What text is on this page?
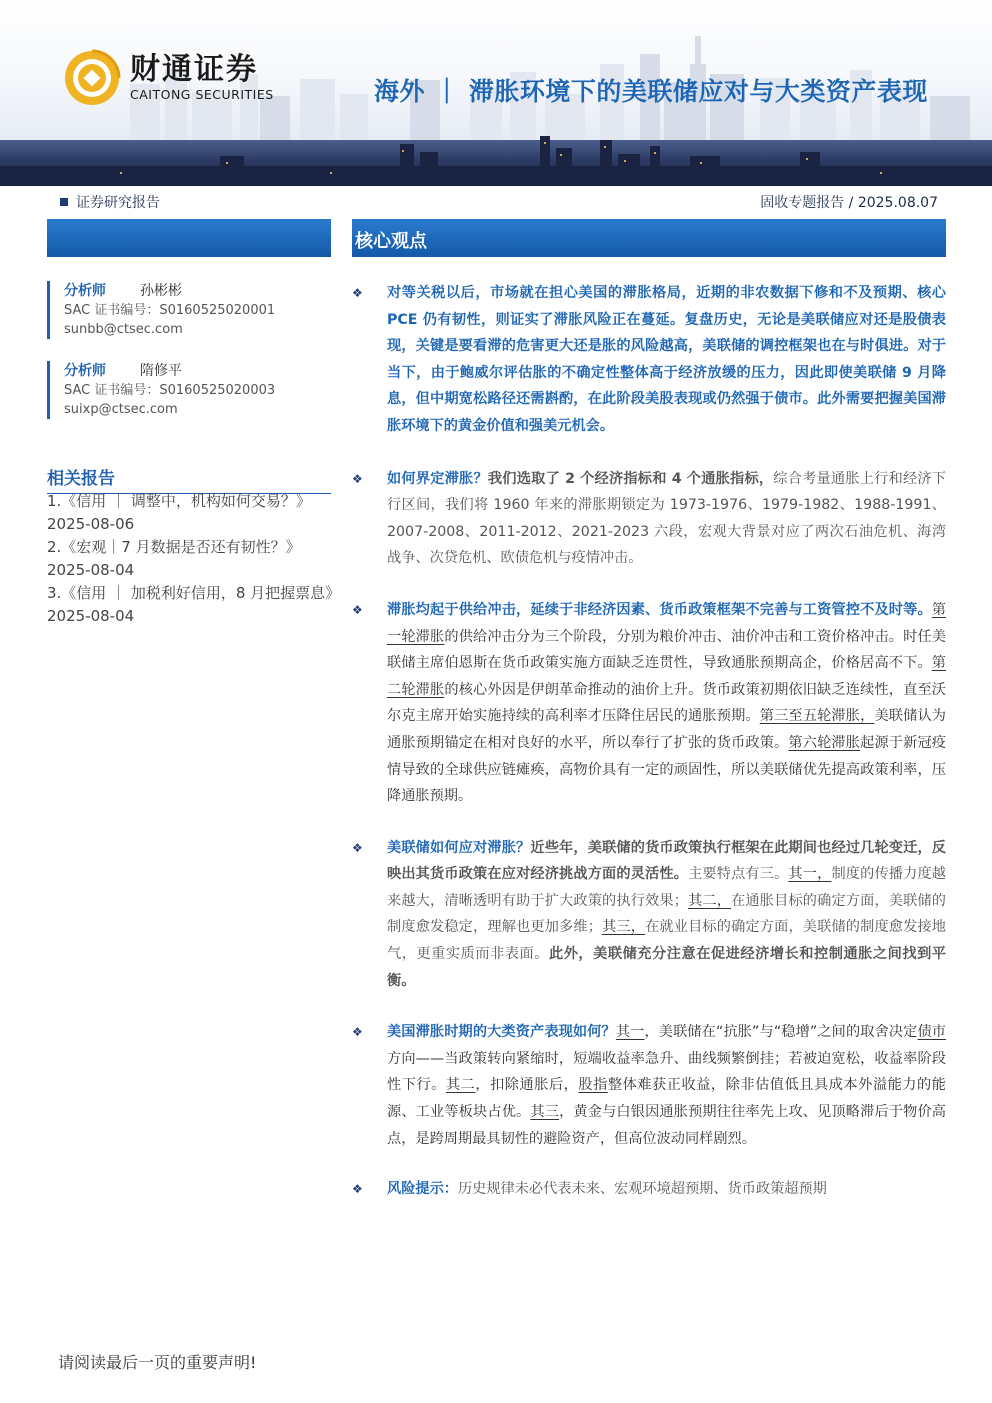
财通证券
CAITONG SECURITIES	海外 ｜ 滞胀环境下的美联储应对与大类资产表现
证券研究报告	固收专题报告 / 2025.08.07
分析师	孙彬彬
SAC 证书编号：S0160525020001
sunbb@ctsec.com
分析师	隋修平
SAC 证书编号：S0160525020003
suixp@ctsec.com
相关报告
1.《信用 ｜ 调整中，机构如何交易？》
2025-08-06
2.《宏观｜7 月数据是否还有韧性？》
2025-08-04
3.《信用 ｜ 加税利好信用，8 月把握票息》
2025-08-04
核心观点
❖	对等关税以后，市场就在担心美国的滞胀格局，近期的非农数据下修和不及预期、核心 PCE 仍有韧性，则证实了滞胀风险正在蔓延。复盘历史，无论是美联储应对还是股债表现，关键是要看滞的危害更大还是胀的风险越高，美联储的调控框架也在与时俱进。对于当下，由于鲍威尔评估胀的不确定性整体高于经济放缓的压力，因此即使美联储 9 月降息，但中期宽松路径还需斟酌，在此阶段美股表现或仍然强于债市。此外需要把握美国滞胀环境下的黄金价值和强美元机会。
❖	如何界定滞胀？我们选取了 2 个经济指标和 4 个通胀指标，综合考量通胀上行和经济下行区间，我们将 1960 年来的滞胀期锁定为 1973-1976、1979-1982、1988-1991、2007-2008、2011-2012、2021-2023 六段，宏观大背景对应了两次石油危机、海湾战争、次贷危机、欧债危机与疫情冲击。
❖	滞胀均起于供给冲击，延续于非经济因素、货币政策框架不完善与工资管控不及时等。第一轮滞胀的供给冲击分为三个阶段，分别为粮价冲击、油价冲击和工资价格冲击。时任美联储主席伯恩斯在货币政策实施方面缺乏连贯性，导致通胀预期高企，价格居高不下。第二轮滞胀的核心外因是伊朗革命推动的油价上升。货币政策初期依旧缺乏连续性，直至沃尔克主席开始实施持续的高利率才压降住居民的通胀预期。第三至五轮滞胀，美联储认为通胀预期锚定在相对良好的水平，所以奉行了扩张的货币政策。第六轮滞胀起源于新冠疫情导致的全球供应链瘫痪，高物价具有一定的顽固性，所以美联储优先提高政策利率，压降通胀预期。
❖	美联储如何应对滞胀？近些年，美联储的货币政策执行框架在此期间也经过几轮变迁，反映出其货币政策在应对经济挑战方面的灵活性。主要特点有三。其一，制度的传播力度越来越大，清晰透明有助于扩大政策的执行效果；其二，在通胀目标的确定方面，美联储的制度愈发稳定，理解也更加多维；其三，在就业目标的确定方面，美联储的制度愈发接地气，更重实质而非表面。此外，美联储充分注意在促进经济增长和控制通胀之间找到平衡。
❖	美国滞胀时期的大类资产表现如何？其一，美联储在“抗胀”与“稳增”之间的取舍决定债市方向——当政策转向紧缩时，短端收益率急升、曲线频繁倒挂；若被迫宽松，收益率阶段性下行。其二，扣除通胀后，股指整体难获正收益，除非估值低且具成本外溢能力的能源、工业等板块占优。其三，黄金与白银因通胀预期往往率先上攻、见顶略滞后于物价高点，是跨周期最具韧性的避险资产，但高位波动同样剧烈。
❖	风险提示：历史规律未必代表未来、宏观环境超预期、货币政策超预期
请阅读最后一页的重要声明!
